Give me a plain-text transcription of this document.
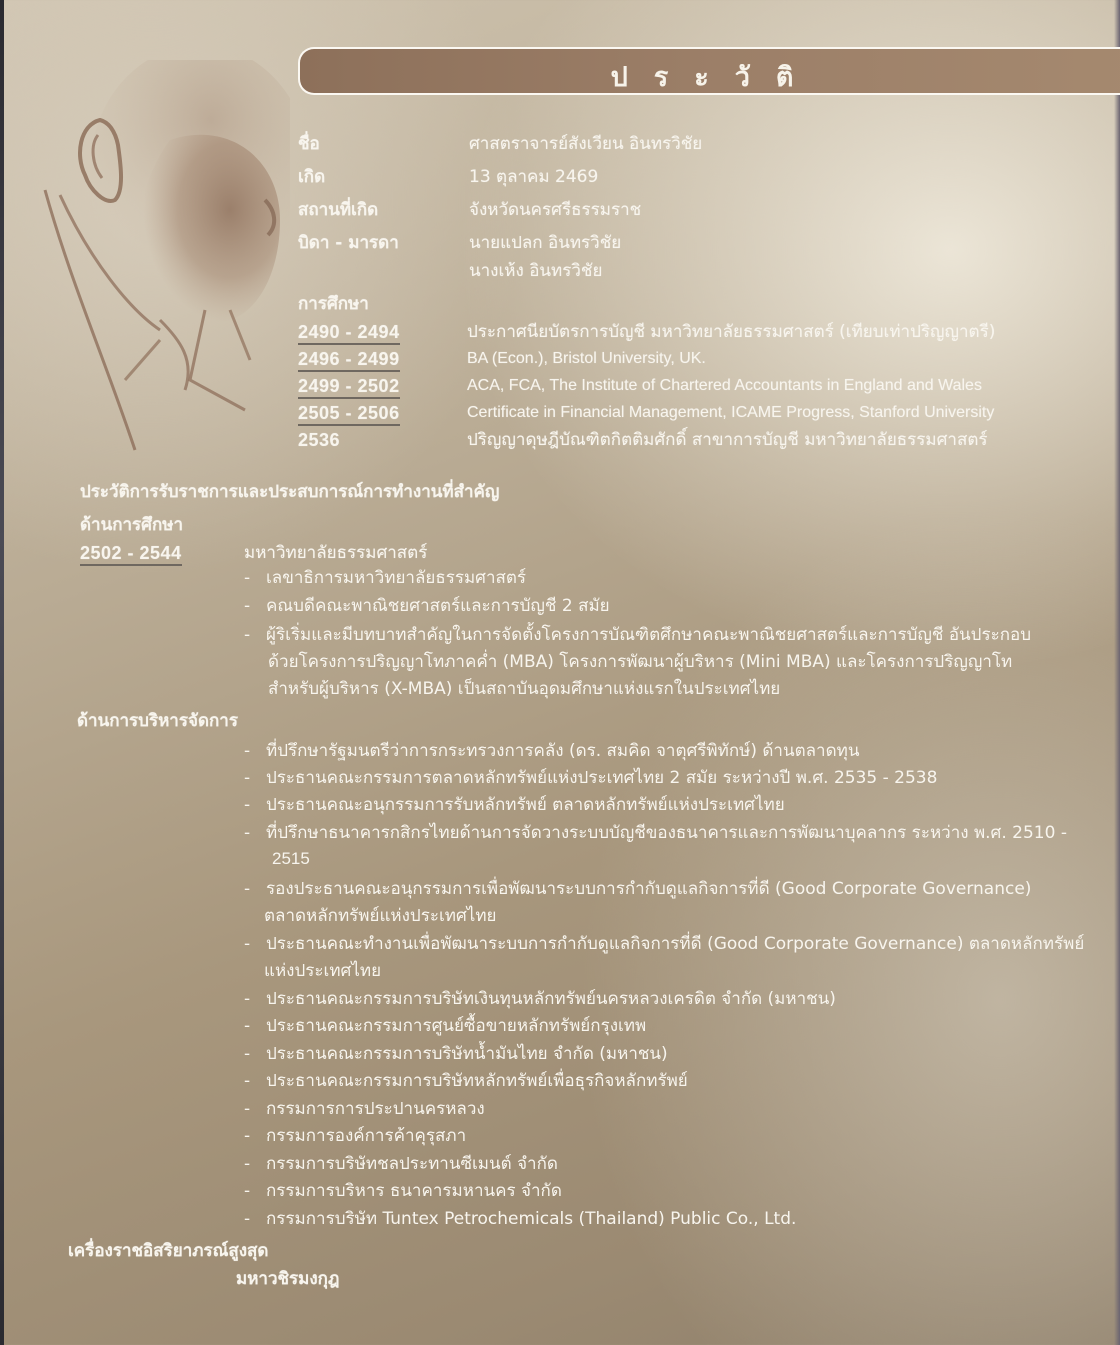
ประวัติ
ชื่อ	ศาสตราจารย์สังเวียน อินทรวิชัย
เกิด	13 ตุลาคม 2469
สถานที่เกิด	จังหวัดนครศรีธรรมราช
บิดา - มารดา	นายแปลก อินทรวิชัย
นางเห้ง อินทรวิชัย
การศึกษา
2490 - 2494	ประกาศนียบัตรการบัญชี มหาวิทยาลัยธรรมศาสตร์ (เทียบเท่าปริญญาตรี)
2496 - 2499	BA (Econ.), Bristol University, UK.
2499 - 2502	ACA, FCA, The Institute of Chartered Accountants in England and Wales
2505 - 2506	Certificate in Financial Management, ICAME Progress, Stanford University
2536	ปริญญาดุษฎีบัณฑิตกิตติมศักดิ์ สาขาการบัญชี มหาวิทยาลัยธรรมศาสตร์
ประวัติการรับราชการและประสบการณ์การทำงานที่สำคัญ
ด้านการศึกษา
2502 - 2544	มหาวิทยาลัยธรรมศาสตร์
- เลขาธิการมหาวิทยาลัยธรรมศาสตร์
- คณบดีคณะพาณิชยศาสตร์และการบัญชี 2 สมัย
- ผู้ริเริ่มและมีบทบาทสำคัญในการจัดตั้งโครงการบัณฑิตศึกษาคณะพาณิชยศาสตร์และการบัญชี อันประกอบ
ด้วยโครงการปริญญาโทภาคค่ำ (MBA) โครงการพัฒนาผู้บริหาร (Mini MBA) และโครงการปริญญาโท
สำหรับผู้บริหาร (X-MBA) เป็นสถาบันอุดมศึกษาแห่งแรกในประเทศไทย
ด้านการบริหารจัดการ
- ที่ปรึกษารัฐมนตรีว่าการกระทรวงการคลัง (ดร. สมคิด จาตุศรีพิทักษ์) ด้านตลาดทุน
- ประธานคณะกรรมการตลาดหลักทรัพย์แห่งประเทศไทย 2 สมัย ระหว่างปี พ.ศ. 2535 - 2538
- ประธานคณะอนุกรรมการรับหลักทรัพย์ ตลาดหลักทรัพย์แห่งประเทศไทย
- ที่ปรึกษาธนาคารกสิกรไทยด้านการจัดวางระบบบัญชีของธนาคารและการพัฒนาบุคลากร ระหว่าง พ.ศ. 2510 -
2515
- รองประธานคณะอนุกรรมการเพื่อพัฒนาระบบการกำกับดูแลกิจการที่ดี (Good Corporate Governance)
ตลาดหลักทรัพย์แห่งประเทศไทย
- ประธานคณะทำงานเพื่อพัฒนาระบบการกำกับดูแลกิจการที่ดี (Good Corporate Governance) ตลาดหลักทรัพย์
แห่งประเทศไทย
- ประธานคณะกรรมการบริษัทเงินทุนหลักทรัพย์นครหลวงเครดิต จำกัด (มหาชน)
- ประธานคณะกรรมการศูนย์ซื้อขายหลักทรัพย์กรุงเทพ
- ประธานคณะกรรมการบริษัทน้ำมันไทย จำกัด (มหาชน)
- ประธานคณะกรรมการบริษัทหลักทรัพย์เพื่อธุรกิจหลักทรัพย์
- กรรมการการประปานครหลวง
- กรรมการองค์การค้าคุรุสภา
- กรรมการบริษัทชลประทานซีเมนต์ จำกัด
- กรรมการบริหาร ธนาคารมหานคร จำกัด
- กรรมการบริษัท Tuntex Petrochemicals (Thailand) Public Co., Ltd.
เครื่องราชอิสริยาภรณ์สูงสุด
มหาวชิรมงกุฎ
